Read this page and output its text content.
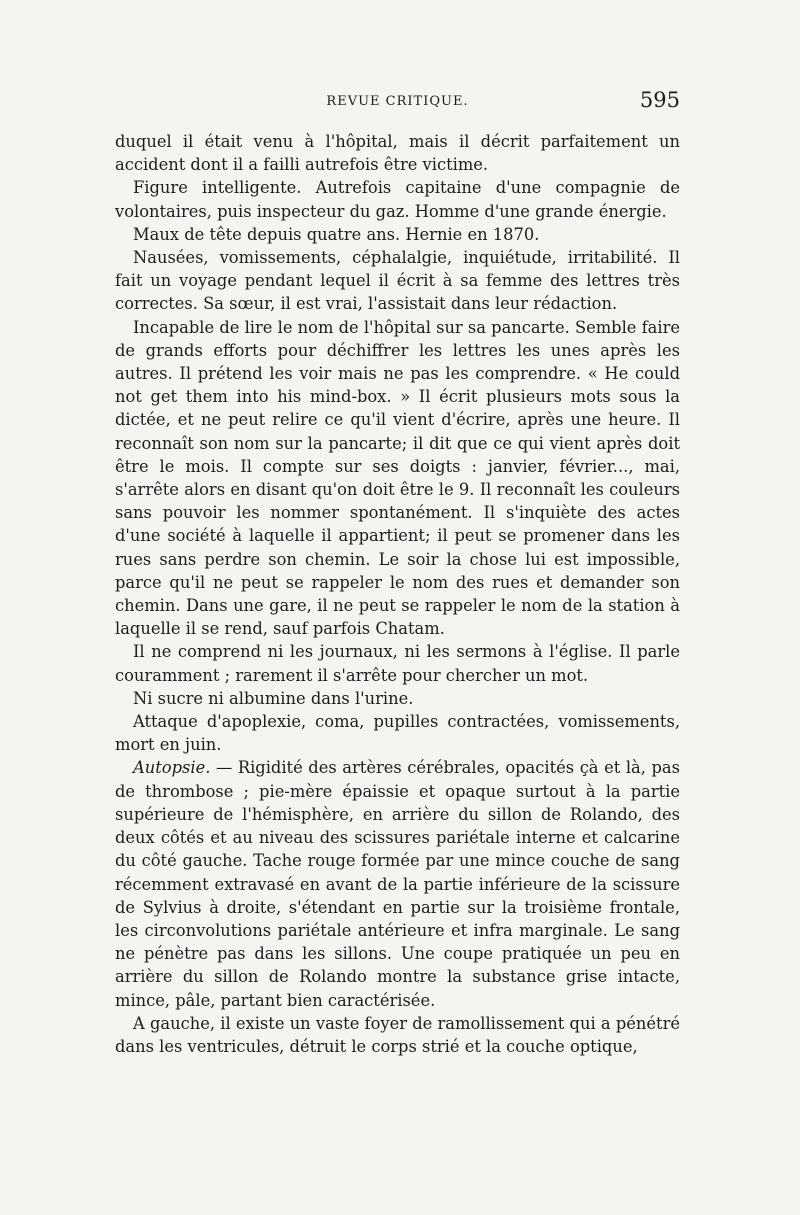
REVUE CRITIQUE.	595

duquel il était venu à l'hôpital, mais il décrit parfaitement un accident dont il a failli autrefois être victime.

Figure intelligente. Autrefois capitaine d'une compagnie de volontaires, puis inspecteur du gaz. Homme d'une grande énergie.

Maux de tête depuis quatre ans. Hernie en 1870.

Nausées, vomissements, céphalalgie, inquiétude, irritabilité. Il fait un voyage pendant lequel il écrit à sa femme des lettres très correctes. Sa sœur, il est vrai, l'assistait dans leur rédaction.

Incapable de lire le nom de l'hôpital sur sa pancarte. Semble faire de grands efforts pour déchiffrer les lettres les unes après les autres. Il prétend les voir mais ne pas les comprendre. « He could not get them into his mind-box. » Il écrit plusieurs mots sous la dictée, et ne peut relire ce qu'il vient d'écrire, après une heure. Il reconnaît son nom sur la pancarte; il dit que ce qui vient après doit être le mois. Il compte sur ses doigts : janvier, février..., mai, s'arrête alors en disant qu'on doit être le 9. Il reconnaît les couleurs sans pouvoir les nommer spontanément. Il s'inquiète des actes d'une société à laquelle il appartient; il peut se promener dans les rues sans perdre son chemin. Le soir la chose lui est impossible, parce qu'il ne peut se rappeler le nom des rues et demander son chemin. Dans une gare, il ne peut se rappeler le nom de la station à laquelle il se rend, sauf parfois Chatam.

Il ne comprend ni les journaux, ni les sermons à l'église. Il parle couramment ; rarement il s'arrête pour chercher un mot.

Ni sucre ni albumine dans l'urine.

Attaque d'apoplexie, coma, pupilles contractées, vomissements, mort en juin.

Autopsie. — Rigidité des artères cérébrales, opacités çà et là, pas de thrombose ; pie-mère épaissie et opaque surtout à la partie supérieure de l'hémisphère, en arrière du sillon de Rolando, des deux côtés et au niveau des scissures pariétale interne et calcarine du côté gauche. Tache rouge formée par une mince couche de sang récemment extravasé en avant de la partie inférieure de la scissure de Sylvius à droite, s'étendant en partie sur la troisième frontale, les circonvolutions pariétale antérieure et infra marginale. Le sang ne pénètre pas dans les sillons. Une coupe pratiquée un peu en arrière du sillon de Rolando montre la substance grise intacte, mince, pâle, partant bien caractérisée.

A gauche, il existe un vaste foyer de ramollissement qui a pénétré dans les ventricules, détruit le corps strié et la couche optique,
